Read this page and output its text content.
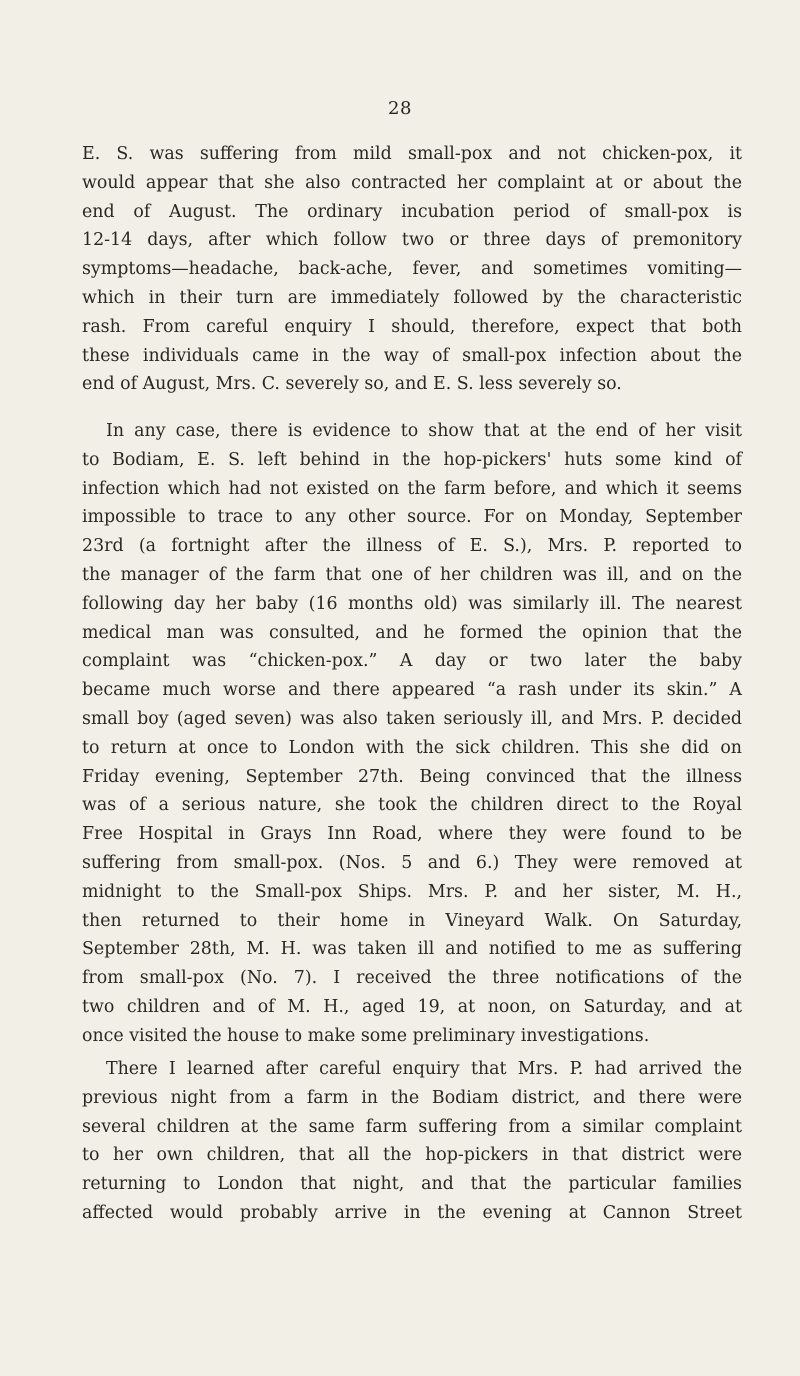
28
E. S. was suffering from mild small-pox and not chicken-pox, it
would appear that she also contracted her complaint at or about the
end of August. The ordinary incubation period of small-pox is
12-14 days, after which follow two or three days of premonitory
symptoms—headache, back-ache, fever, and sometimes vomiting—
which in their turn are immediately followed by the characteristic
rash. From careful enquiry I should, therefore, expect that both
these individuals came in the way of small-pox infection about the
end of August, Mrs. C. severely so, and E. S. less severely so.
In any case, there is evidence to show that at the end of her visit
to Bodiam, E. S. left behind in the hop-pickers' huts some kind of
infection which had not existed on the farm before, and which it seems
impossible to trace to any other source. For on Monday, September
23rd (a fortnight after the illness of E. S.), Mrs. P. reported to
the manager of the farm that one of her children was ill, and on the
following day her baby (16 months old) was similarly ill. The nearest
medical man was consulted, and he formed the opinion that the
complaint was “chicken-pox.” A day or two later the baby
became much worse and there appeared “a rash under its skin.” A
small boy (aged seven) was also taken seriously ill, and Mrs. P. decided
to return at once to London with the sick children. This she did on
Friday evening, September 27th. Being convinced that the illness
was of a serious nature, she took the children direct to the Royal
Free Hospital in Grays Inn Road, where they were found to be
suffering from small-pox. (Nos. 5 and 6.) They were removed at
midnight to the Small-pox Ships. Mrs. P. and her sister, M. H.,
then returned to their home in Vineyard Walk. On Saturday,
September 28th, M. H. was taken ill and notified to me as suffering
from small-pox (No. 7). I received the three notifications of the
two children and of M. H., aged 19, at noon, on Saturday, and at
once visited the house to make some preliminary investigations.
There I learned after careful enquiry that Mrs. P. had arrived the
previous night from a farm in the Bodiam district, and there were
several children at the same farm suffering from a similar complaint
to her own children, that all the hop-pickers in that district were
returning to London that night, and that the particular families
affected would probably arrive in the evening at Cannon Street
